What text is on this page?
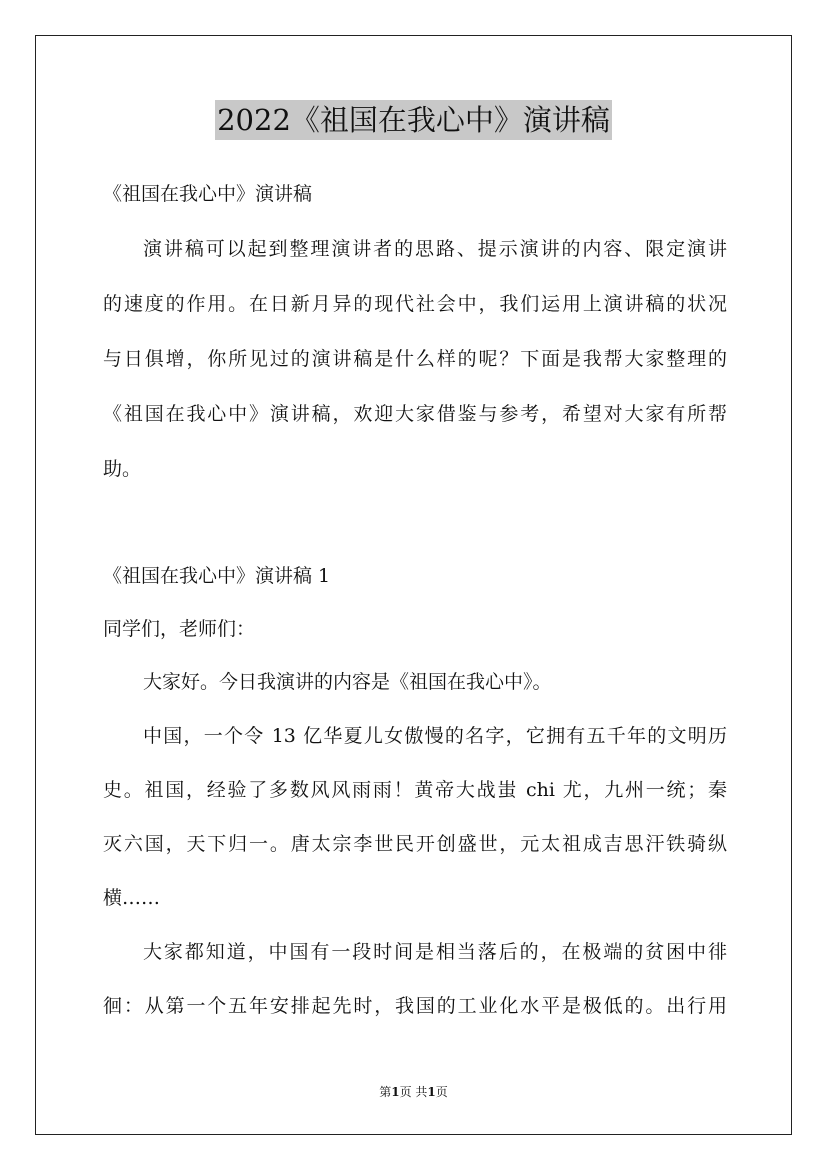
2022《祖国在我心中》演讲稿
《祖国在我心中》演讲稿
演讲稿可以起到整理演讲者的思路、提示演讲的内容、限定演讲
的速度的作用。在日新月异的现代社会中，我们运用上演讲稿的状况
与日俱增，你所见过的演讲稿是什么样的呢？下面是我帮大家整理的
《祖国在我心中》演讲稿，欢迎大家借鉴与参考，希望对大家有所帮
助。
《祖国在我心中》演讲稿 1
同学们，老师们：
大家好。今日我演讲的内容是《祖国在我心中》。
中国，一个令 13 亿华夏儿女傲慢的名字，它拥有五千年的文明历
史。祖国，经验了多数风风雨雨！黄帝大战蚩 chi 尤，九州一统；秦
灭六国，天下归一。唐太宗李世民开创盛世，元太祖成吉思汗铁骑纵
横……
大家都知道，中国有一段时间是相当落后的，在极端的贫困中徘
徊：从第一个五年安排起先时，我国的工业化水平是极低的。出行用
第1页 共1页
